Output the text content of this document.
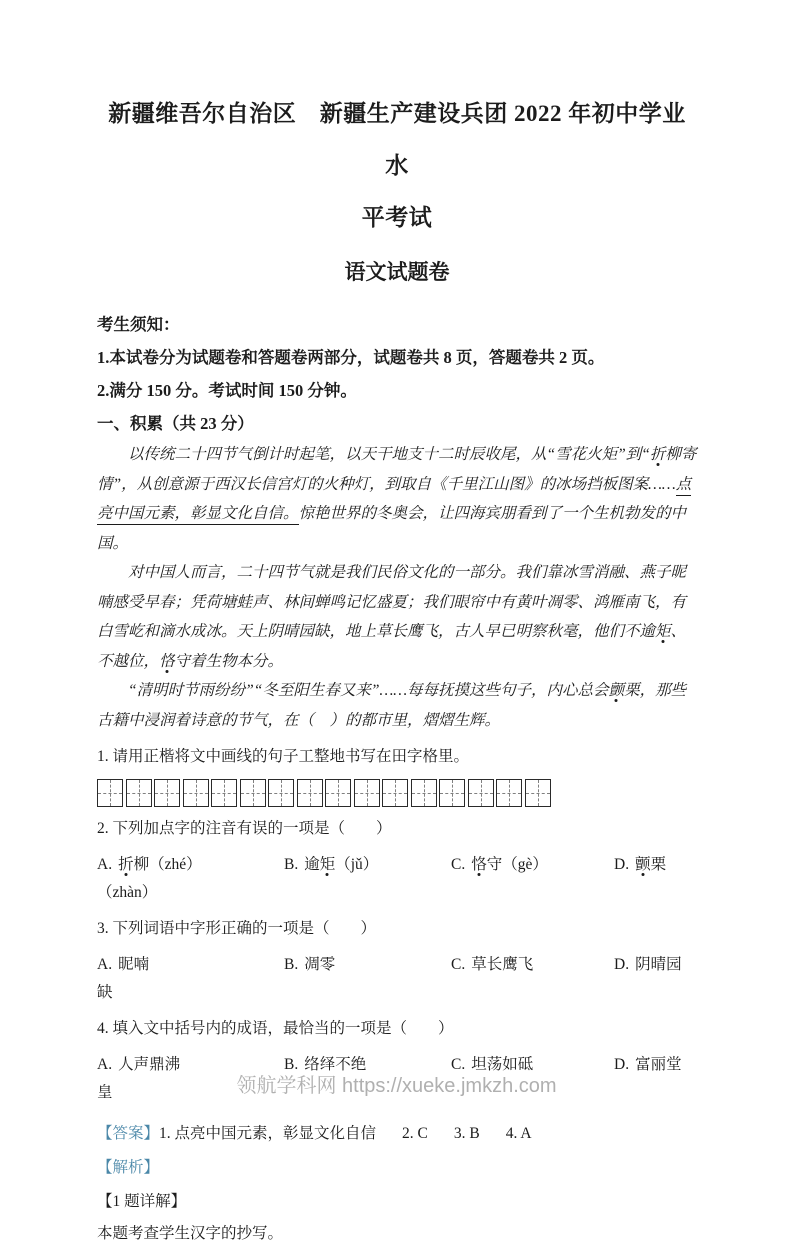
新疆维吾尔自治区　新疆生产建设兵团 2022 年初中学业水
平考试
语文试题卷
考生须知：
1.本试卷分为试题卷和答题卷两部分，试题卷共 8 页，答题卷共 2 页。
2.满分 150 分。考试时间 150 分钟。
一、积累（共 23 分）

以传统二十四节气倒计时起笔，以天干地支十二时辰收尾，从“雪花火矩”到“折柳寄情”，从创意源于西汉长信宫灯的火种灯，到取自《千里江山图》的冰场挡板图案……点亮中国元素，彰显文化自信。惊艳世界的冬奥会，让四海宾朋看到了一个生机勃发的中国。

对中国人而言，二十四节气就是我们民俗文化的一部分。我们靠冰雪消融、燕子昵喃感受早春；凭荷塘蛙声、林间蝉鸣记忆盛夏；我们眼帘中有黄叶凋零、鸿雁南飞，有白雪屹和滴水成冰。天上阴晴园缺，地上草长鹰飞，古人早已明察秋毫，他们不逾矩、不越位，恪守着生物本分。

“清明时节雨纷纷”“冬至阳生春又来”……每每抚摸这些句子，内心总会颤栗，那些古籍中浸润着诗意的节气，在（　）的都市里，熠熠生辉。

1. 请用正楷将文中画线的句子工整地书写在田字格里。
2. 下列加点字的注音有误的一项是（　　）
A. 折柳（zhé）	B. 逾矩（jǔ）	C. 恪守（gè）	D. 颤栗
（zhàn）
3. 下列词语中字形正确的一项是（　　）
A. 昵喃	B. 凋零	C. 草长鹰飞	D. 阴晴园
缺
4. 填入文中括号内的成语，最恰当的一项是（　　）
A. 人声鼎沸	B. 络绎不绝	C. 坦荡如砥	D. 富丽堂
皇
【答案】1. 点亮中国元素，彰显文化自信 2. C 3. B 4. A
【解析】
【1 题详解】
本题考查学生汉字的抄写。
领航学科网 https://xueke.jmkzh.com
